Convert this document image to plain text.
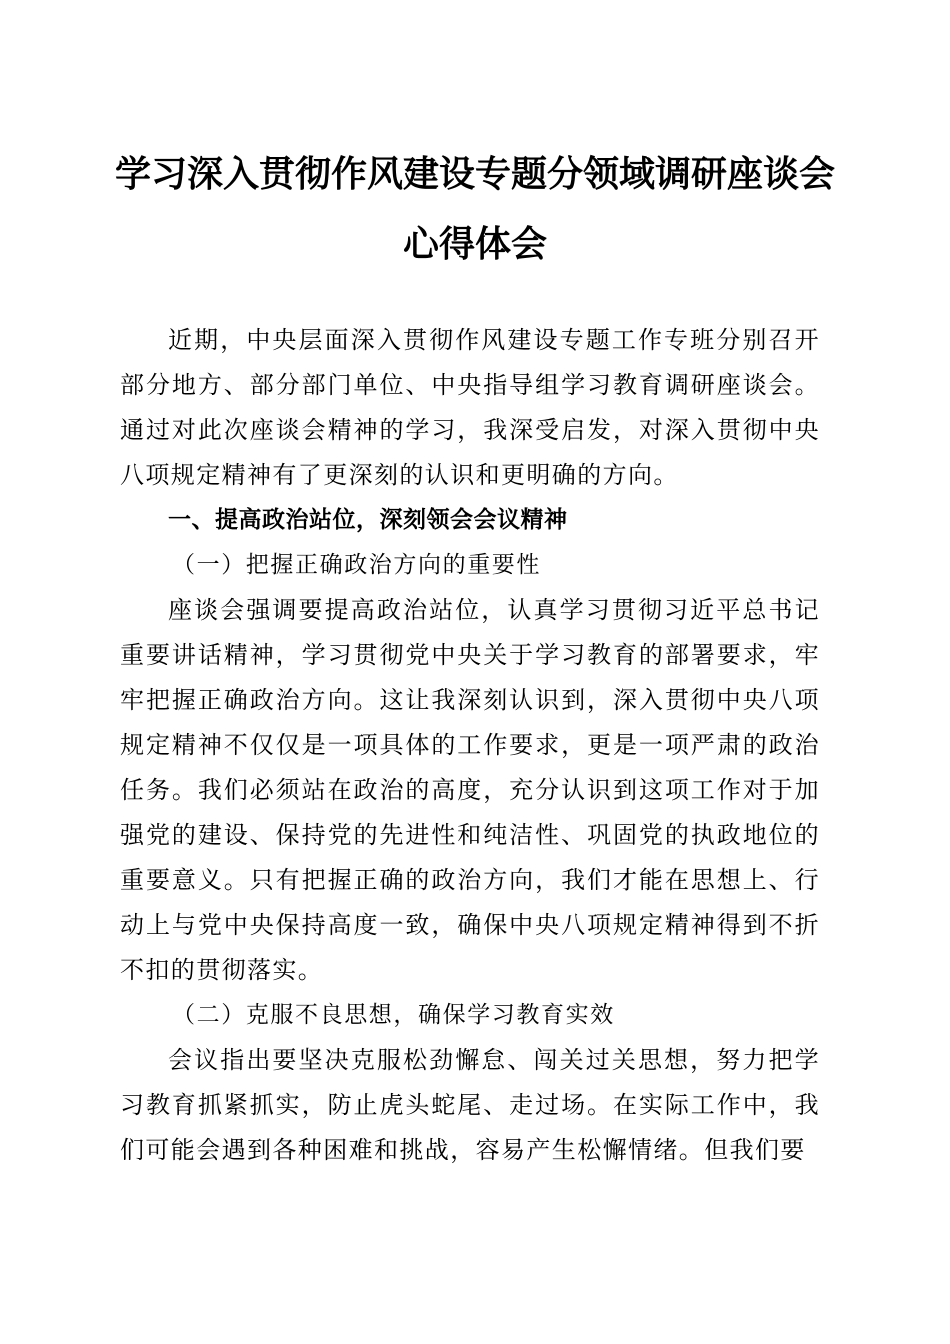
学习深入贯彻作风建设专题分领域调研座谈会
心得体会

近期，中央层面深入贯彻作风建设专题工作专班分别召开部分地方、部分部门单位、中央指导组学习教育调研座谈会。通过对此次座谈会精神的学习，我深受启发，对深入贯彻中央八项规定精神有了更深刻的认识和更明确的方向。

一、提高政治站位，深刻领会会议精神

（一）把握正确政治方向的重要性

座谈会强调要提高政治站位，认真学习贯彻习近平总书记重要讲话精神，学习贯彻党中央关于学习教育的部署要求，牢牢把握正确政治方向。这让我深刻认识到，深入贯彻中央八项规定精神不仅仅是一项具体的工作要求，更是一项严肃的政治任务。我们必须站在政治的高度，充分认识到这项工作对于加强党的建设、保持党的先进性和纯洁性、巩固党的执政地位的重要意义。只有把握正确的政治方向，我们才能在思想上、行动上与党中央保持高度一致，确保中央八项规定精神得到不折不扣的贯彻落实。

（二）克服不良思想，确保学习教育实效

会议指出要坚决克服松劲懈怠、闯关过关思想，努力把学习教育抓紧抓实，防止虎头蛇尾、走过场。在实际工作中，我们可能会遇到各种困难和挑战，容易产生松懈情绪。但我们要
